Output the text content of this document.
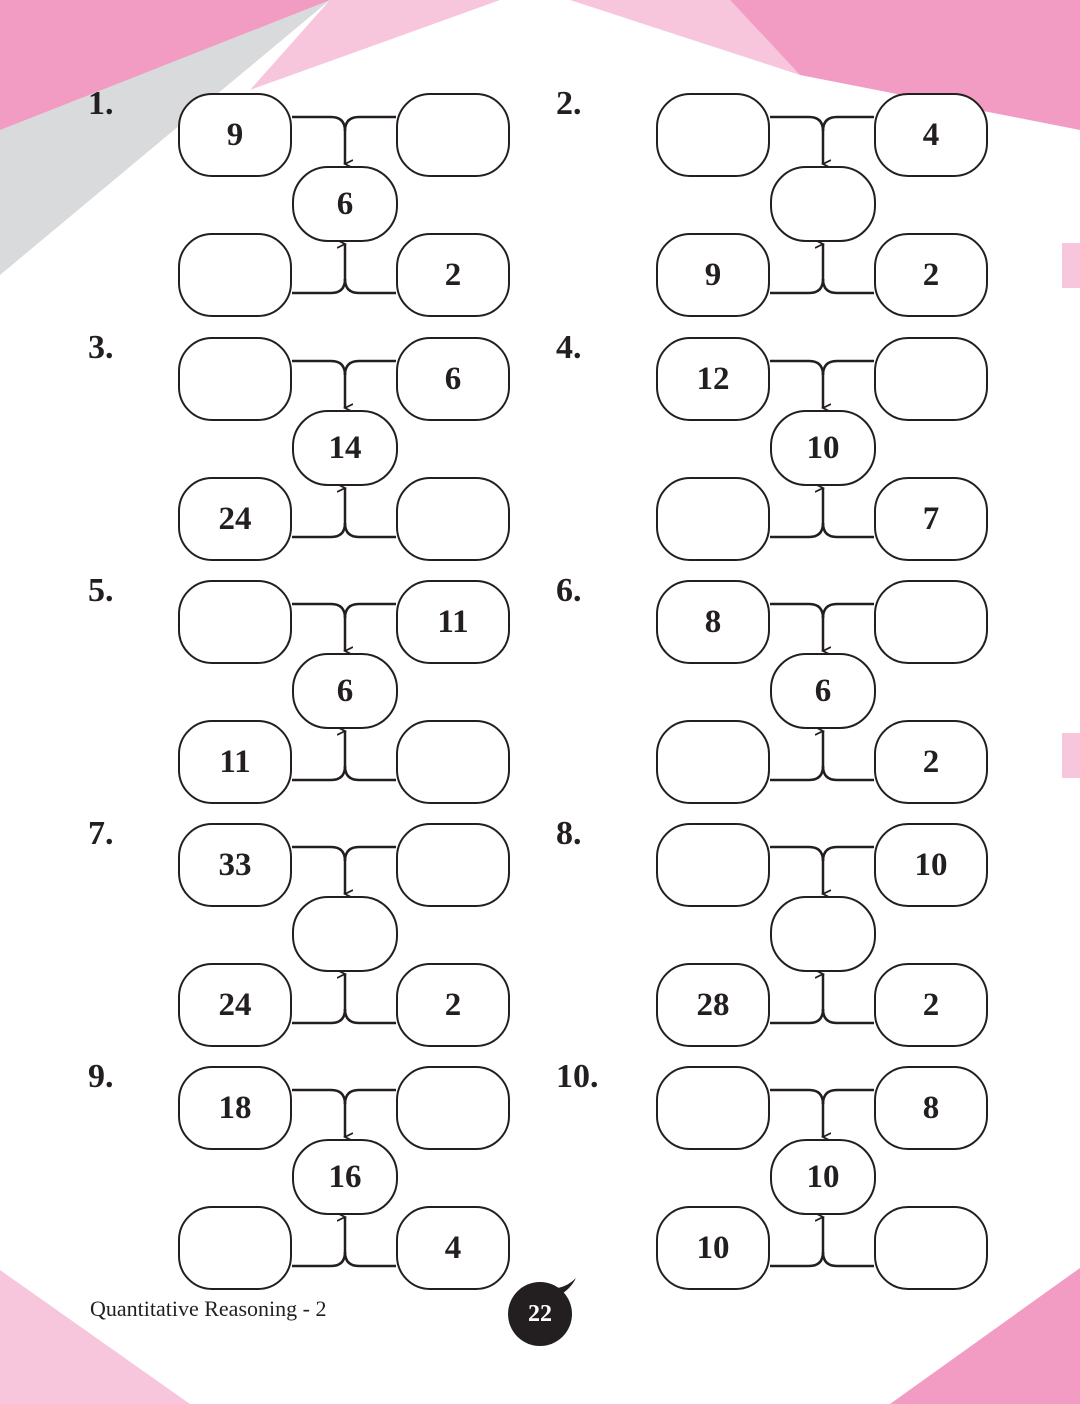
1.
9
6
2
2.
4
9	2
3.
6
14
24
4.
12
10
7
5.
11
6
11
6.
8
6
2
7.
33
24	2
8.
10
28	2
9.
18
16
4
10.
8
10
10
Quantitative Reasoning - 2	22
